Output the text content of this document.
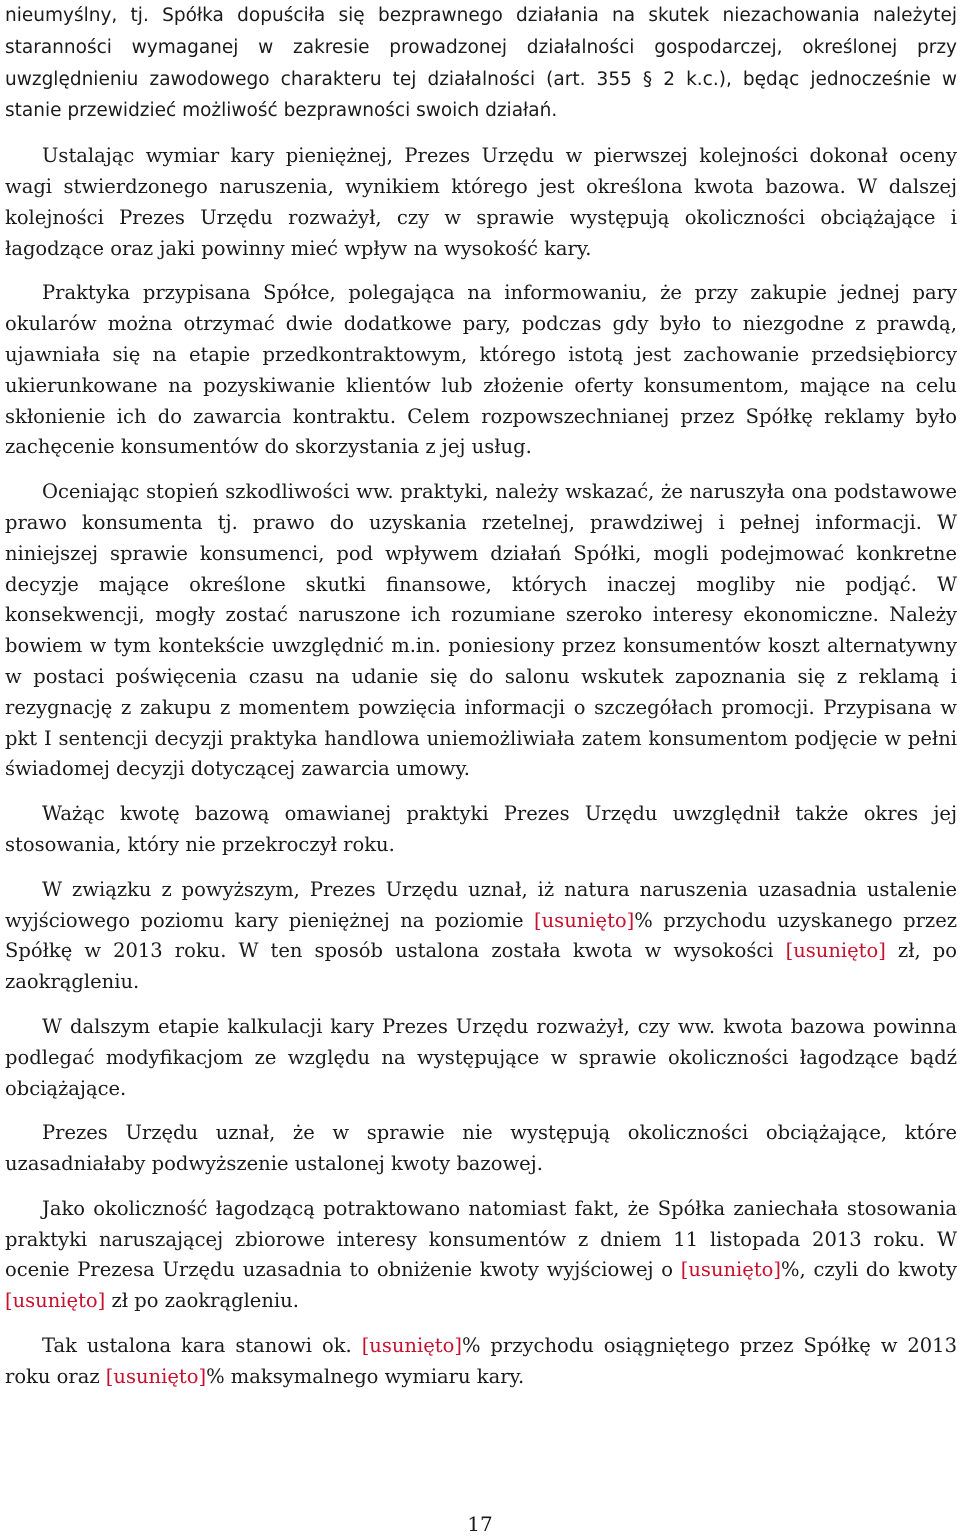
nieumyślny, tj. Spółka dopuściła się bezprawnego działania na skutek niezachowania należytej staranności wymaganej w zakresie prowadzonej działalności gospodarczej, określonej przy uwzględnieniu zawodowego charakteru tej działalności (art. 355 § 2 k.c.), będąc jednocześnie w stanie przewidzieć możliwość bezprawności swoich działań.

Ustalając wymiar kary pieniężnej, Prezes Urzędu w pierwszej kolejności dokonał oceny wagi stwierdzonego naruszenia, wynikiem którego jest określona kwota bazowa. W dalszej kolejności Prezes Urzędu rozważył, czy w sprawie występują okoliczności obciążające i łagodzące oraz jaki powinny mieć wpływ na wysokość kary.

Praktyka przypisana Spółce, polegająca na informowaniu, że przy zakupie jednej pary okularów można otrzymać dwie dodatkowe pary, podczas gdy było to niezgodne z prawdą, ujawniała się na etapie przedkontraktowym, którego istotą jest zachowanie przedsiębiorcy ukierunkowane na pozyskiwanie klientów lub złożenie oferty konsumentom, mające na celu skłonienie ich do zawarcia kontraktu. Celem rozpowszechnianej przez Spółkę reklamy było zachęcenie konsumentów do skorzystania z jej usług.

Oceniając stopień szkodliwości ww. praktyki, należy wskazać, że naruszyła ona podstawowe prawo konsumenta tj. prawo do uzyskania rzetelnej, prawdziwej i pełnej informacji. W niniejszej sprawie konsumenci, pod wpływem działań Spółki, mogli podejmować konkretne decyzje mające określone skutki finansowe, których inaczej mogliby nie podjąć. W konsekwencji, mogły zostać naruszone ich rozumiane szeroko interesy ekonomiczne. Należy bowiem w tym kontekście uwzględnić m.in. poniesiony przez konsumentów koszt alternatywny w postaci poświęcenia czasu na udanie się do salonu wskutek zapoznania się z reklamą i rezygnację z zakupu z momentem powzięcia informacji o szczegółach promocji. Przypisana w pkt I sentencji decyzji praktyka handlowa uniemożliwiała zatem konsumentom podjęcie w pełni świadomej decyzji dotyczącej zawarcia umowy.

Ważąc kwotę bazową omawianej praktyki Prezes Urzędu uwzględnił także okres jej stosowania, który nie przekroczył roku.

W związku z powyższym, Prezes Urzędu uznał, iż natura naruszenia uzasadnia ustalenie wyjściowego poziomu kary pieniężnej na poziomie [usunięto]% przychodu uzyskanego przez Spółkę w 2013 roku. W ten sposób ustalona została kwota w wysokości [usunięto] zł, po zaokrągleniu.

W dalszym etapie kalkulacji kary Prezes Urzędu rozważył, czy ww. kwota bazowa powinna podlegać modyfikacjom ze względu na występujące w sprawie okoliczności łagodzące bądź obciążające.

Prezes Urzędu uznał, że w sprawie nie występują okoliczności obciążające, które uzasadniałaby podwyższenie ustalonej kwoty bazowej.

Jako okoliczność łagodzącą potraktowano natomiast fakt, że Spółka zaniechała stosowania praktyki naruszającej zbiorowe interesy konsumentów z dniem 11 listopada 2013 roku. W ocenie Prezesa Urzędu uzasadnia to obniżenie kwoty wyjściowej o [usunięto]%, czyli do kwoty [usunięto] zł po zaokrągleniu.

Tak ustalona kara stanowi ok. [usunięto]% przychodu osiągniętego przez Spółkę w 2013 roku oraz [usunięto]% maksymalnego wymiaru kary.

17
